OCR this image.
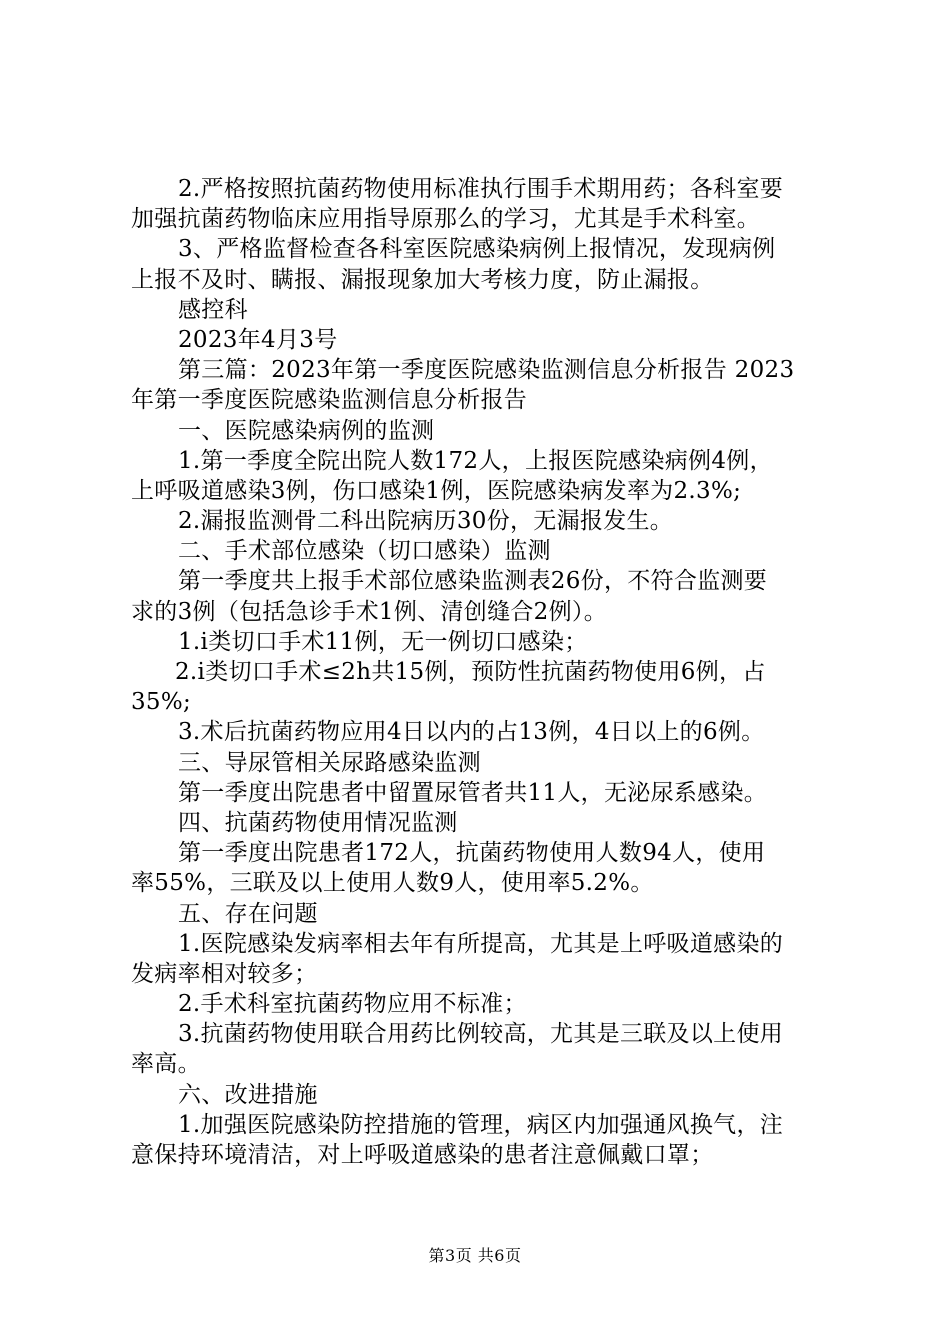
2.严格按照抗菌药物使用标准执行围手术期用药；各科室要
加强抗菌药物临床应用指导原那么的学习，尤其是手术科室。
3、严格监督检查各科室医院感染病例上报情况，发现病例
上报不及时、瞒报、漏报现象加大考核力度，防止漏报。
感控科
2023年4月3号
第三篇：2023年第一季度医院感染监测信息分析报告 2023
年第一季度医院感染监测信息分析报告
一、医院感染病例的监测
1.第一季度全院出院人数172人，上报医院感染病例4例，
上呼吸道感染3例，伤口感染1例，医院感染病发率为2.3%;
2.漏报监测骨二科出院病历30份，无漏报发生。
二、手术部位感染（切口感染）监测
第一季度共上报手术部位感染监测表26份，不符合监测要
求的3例（包括急诊手术1例、清创缝合2例）。
1.ⅰ类切口手术11例，无一例切口感染；
2.ⅰ类切口手术≤2h共15例，预防性抗菌药物使用6例，占
35%;
3.术后抗菌药物应用4日以内的占13例，4日以上的6例。
三、导尿管相关尿路感染监测
第一季度出院患者中留置尿管者共11人，无泌尿系感染。
四、抗菌药物使用情况监测
第一季度出院患者172人，抗菌药物使用人数94人，使用
率55%，三联及以上使用人数9人，使用率5.2%。
五、存在问题
1.医院感染发病率相去年有所提高，尤其是上呼吸道感染的
发病率相对较多；
2.手术科室抗菌药物应用不标准；
3.抗菌药物使用联合用药比例较高，尤其是三联及以上使用
率高。
六、改进措施
1.加强医院感染防控措施的管理，病区内加强通风换气，注
意保持环境清洁，对上呼吸道感染的患者注意佩戴口罩；
第3页 共6页
